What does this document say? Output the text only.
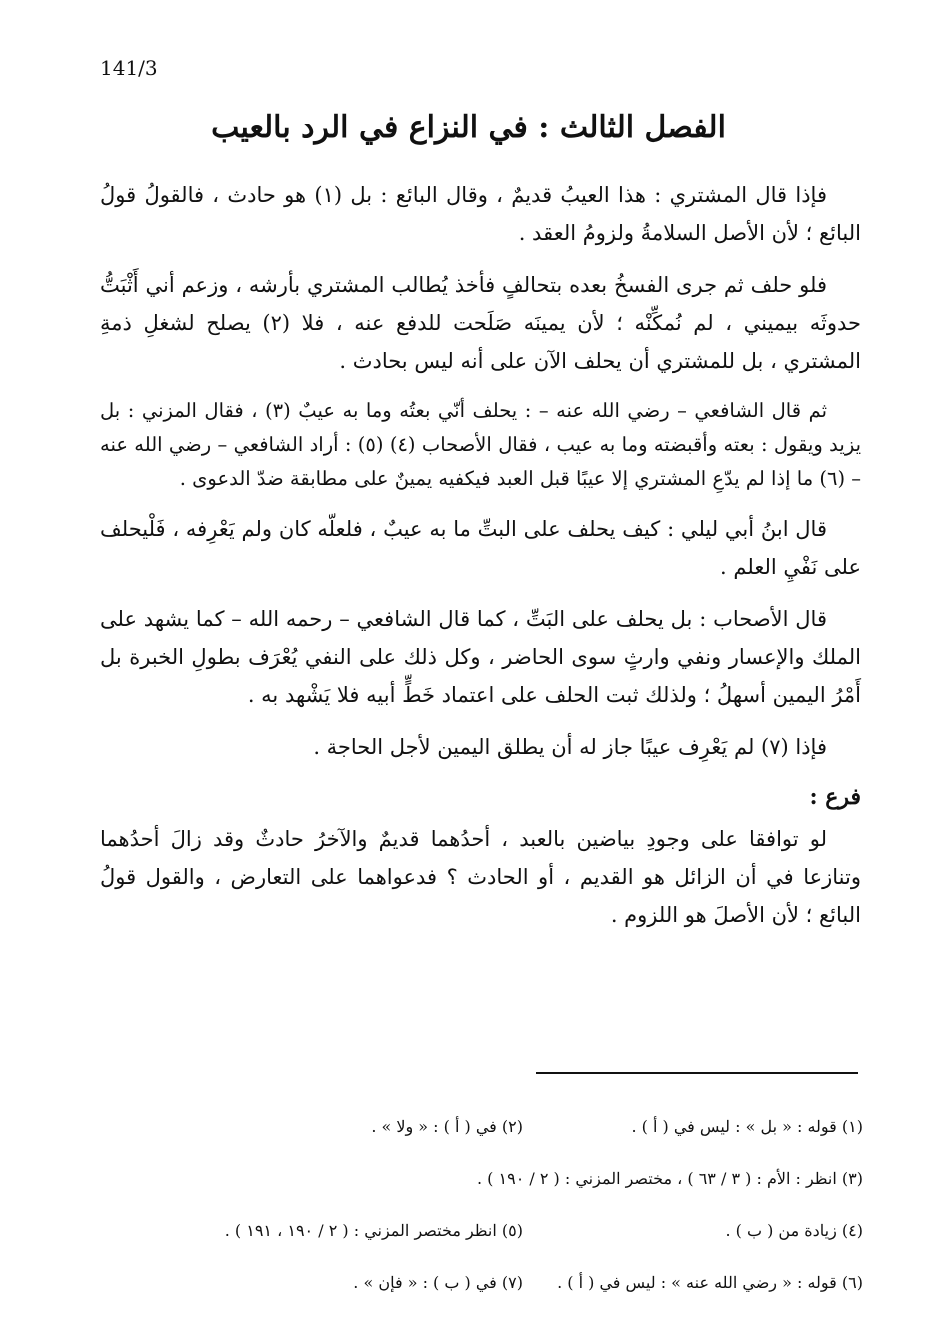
141/3
الفصل الثالث : في النزاع في الرد بالعيب

فإذا قال المشتري : هذا العيبُ قديمٌ ، وقال البائع : بل (١) هو حادث ، فالقولُ قولُ البائع ؛ لأن الأصل السلامةُ ولزومُ العقد .

فلو حلف ثم جرى الفسخُ بعده بتحالفٍ فأخذ يُطالب المشتري بأرشه ، وزعم أني أَثْبَتُّ حدوثَه بيميني ، لم نُمكِّنْه ؛ لأن يمينَه صَلَحت للدفع عنه ، فلا (٢) يصلح لشغلِ ذمةِ المشتري ، بل للمشتري أن يحلف الآن على أنه ليس بحادث .

ثم قال الشافعي – رضي الله عنه – : يحلف أنّي بعتُه وما به عيبٌ (٣) ، فقال المزني : بل يزيد ويقول : بعته وأقبضته وما به عيب ، فقال الأصحاب (٤) (٥) : أراد الشافعي – رضي الله عنه – (٦) ما إذا لم يدّعِ المشتري إلا عيبًا قبل العبد فيكفيه يمينٌ على مطابقة ضدّ الدعوى .

قال ابنُ أبي ليلي : كيف يحلف على البتِّ ما به عيبٌ ، فلعلّه كان ولم يَعْرِفه ، فَلْيحلف على نَفْيِ العلم .

قال الأصحاب : بل يحلف على البَتِّ ، كما قال الشافعي – رحمه الله – كما يشهد على الملك والإعسار ونفي وارثٍ سوى الحاضر ، وكل ذلك على النفي يُعْرَف بطولِ الخبرة بل أَمْرُ اليمين أسهلُ ؛ ولذلك ثبت الحلف على اعتماد خَطٍّ أبيه فلا يَشْهد به .

فإذا (٧) لم يَعْرِف عيبًا جاز له أن يطلق اليمين لأجل الحاجة .

فرع :

لو توافقا على وجودِ بياضين بالعبد ، أحدُهما قديمٌ والآخرُ حادثٌ وقد زالَ أحدُهما وتنازعا في أن الزائل هو القديم ، أو الحادث ؟ فدعواهما على التعارض ، والقول قولُ البائع ؛ لأن الأصلَ هو اللزوم .

(١) قوله : « بل » : ليس في ( أ ) .
(٢) في ( أ ) : « ولا » .
(٣) انظر : الأم : ( ٣ / ٦٣ ) ، مختصر المزني : ( ٢ / ١٩٠ ) .
(٤) زيادة من ( ب ) .
(٥) انظر مختصر المزني : ( ٢ / ١٩٠ ، ١٩١ ) .
(٦) قوله : « رضي الله عنه » : ليس في ( أ ) .
(٧) في ( ب ) : « فإن » .
